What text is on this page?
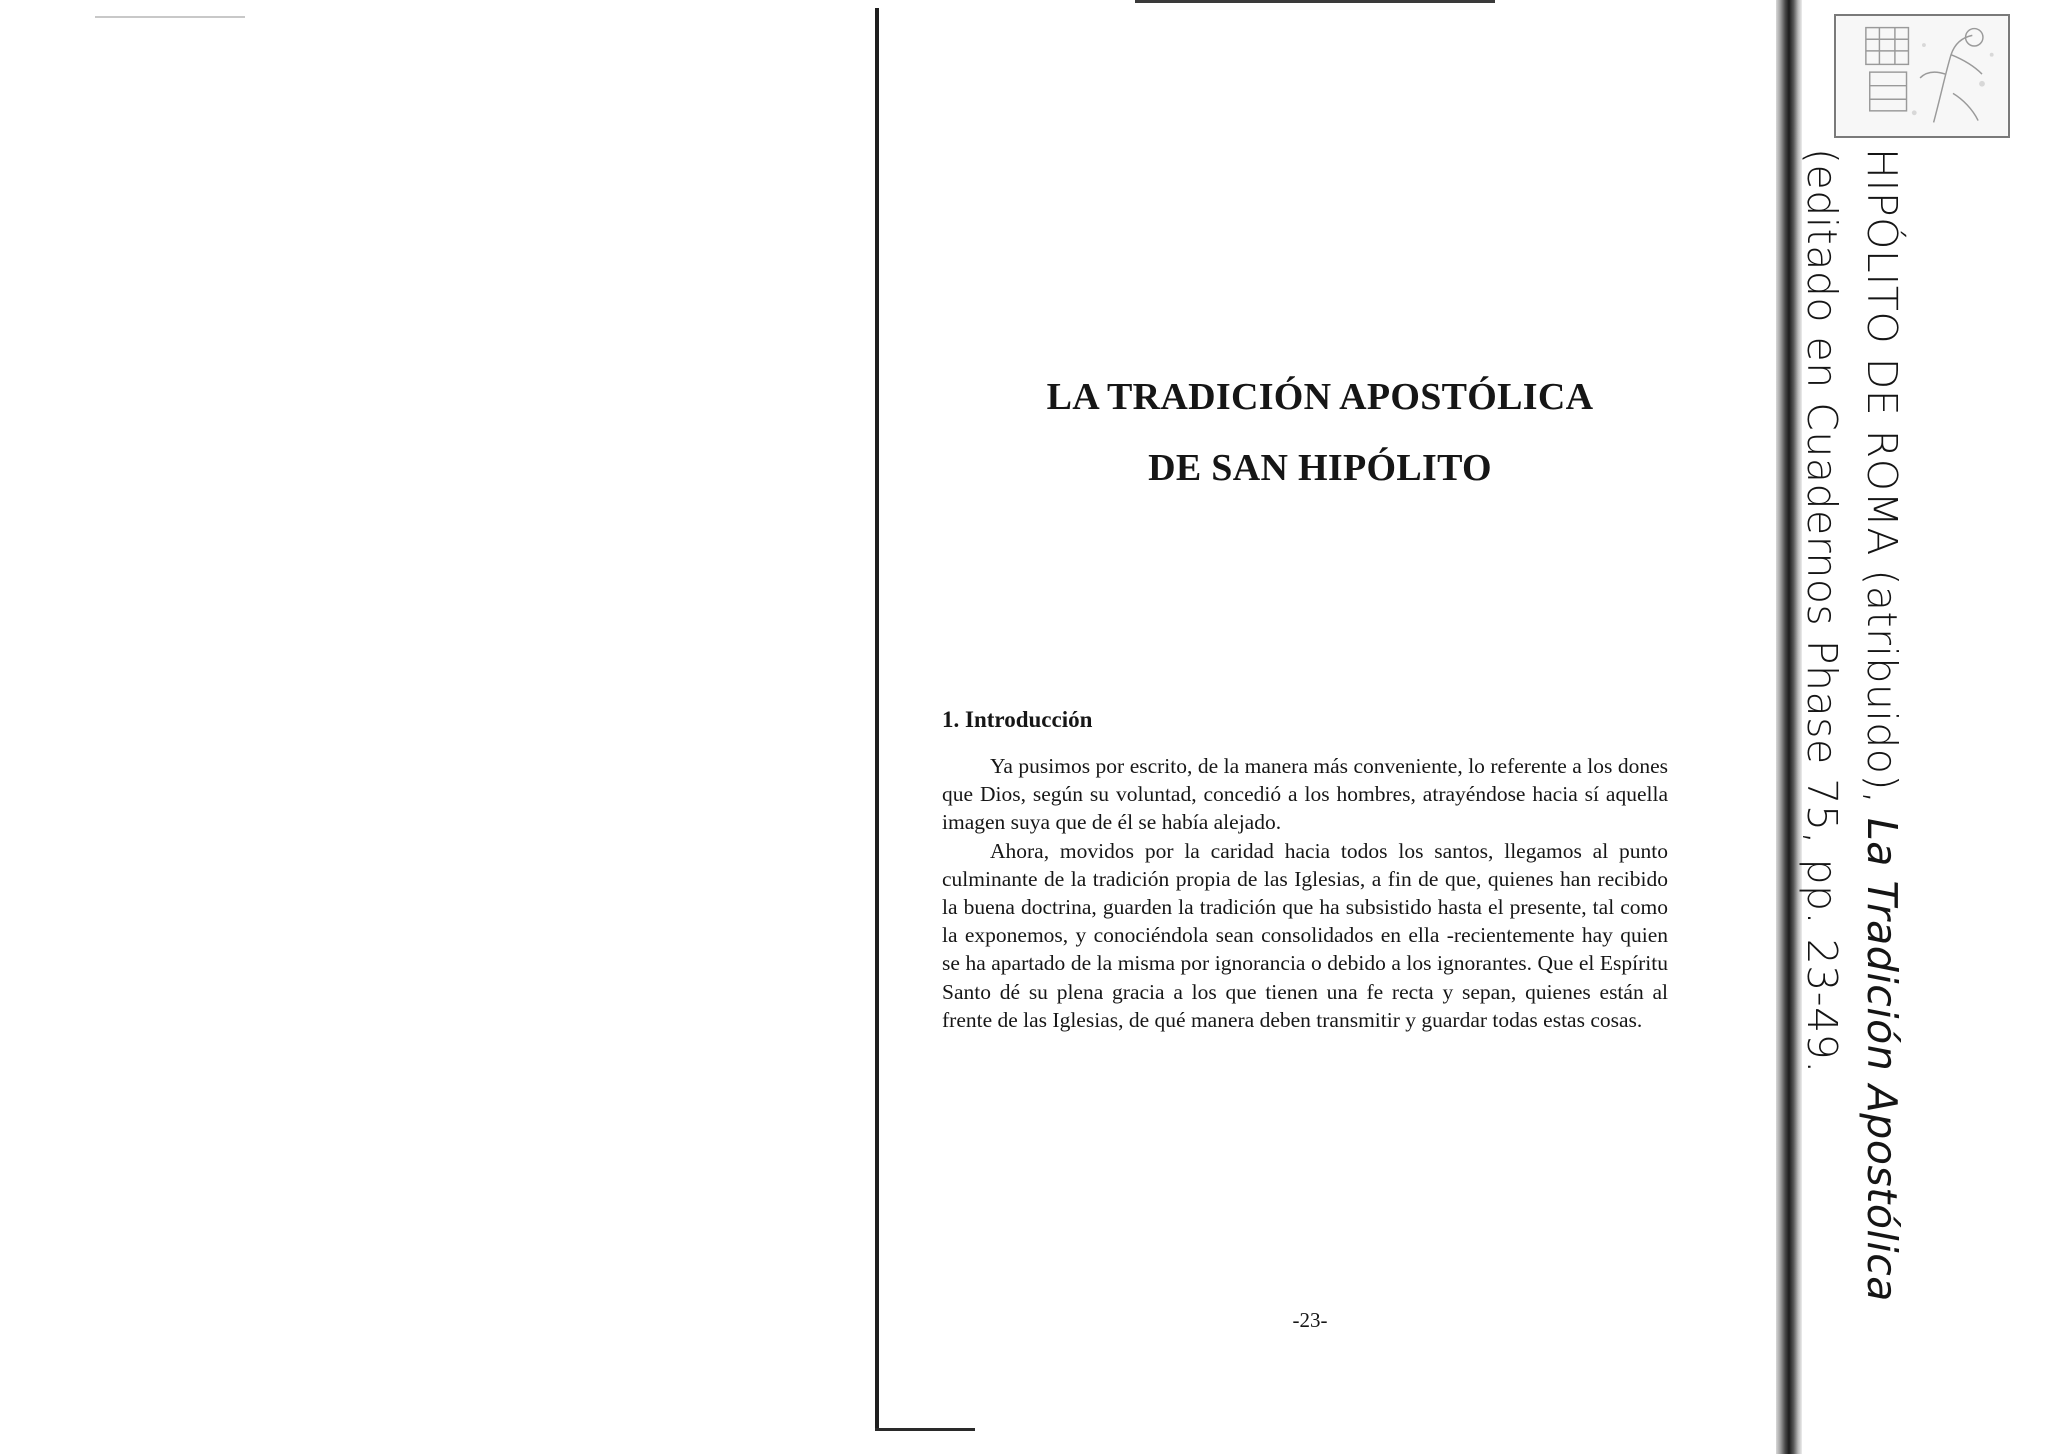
LA TRADICIÓN APOSTÓLICA
DE SAN HIPÓLITO
1. Introducción

Ya pusimos por escrito, de la manera más conveniente, lo referente a los dones que Dios, según su voluntad, concedió a los hombres, atrayéndose hacia sí aquella imagen suya que de él se había alejado.

Ahora, movidos por la caridad hacia todos los santos, llegamos al punto culminante de la tradición propia de las Iglesias, a fin de que, quienes han recibido la buena doctrina, guarden la tradición que ha subsistido hasta el presente, tal como la exponemos, y conociéndola sean consolidados en ella -recientemente hay quien se ha apartado de la misma por ignorancia o debido a los ignorantes. Que el Espíritu Santo dé su plena gracia a los que tienen una fe recta y sepan, quienes están al frente de las Iglesias, de qué manera deben transmitir y guardar todas estas cosas.

-23-
HIPÓLITO DE ROMA (atribuido), La Tradición Apostólica
(editado en Cuadernos Phase 75, pp. 23-49.
